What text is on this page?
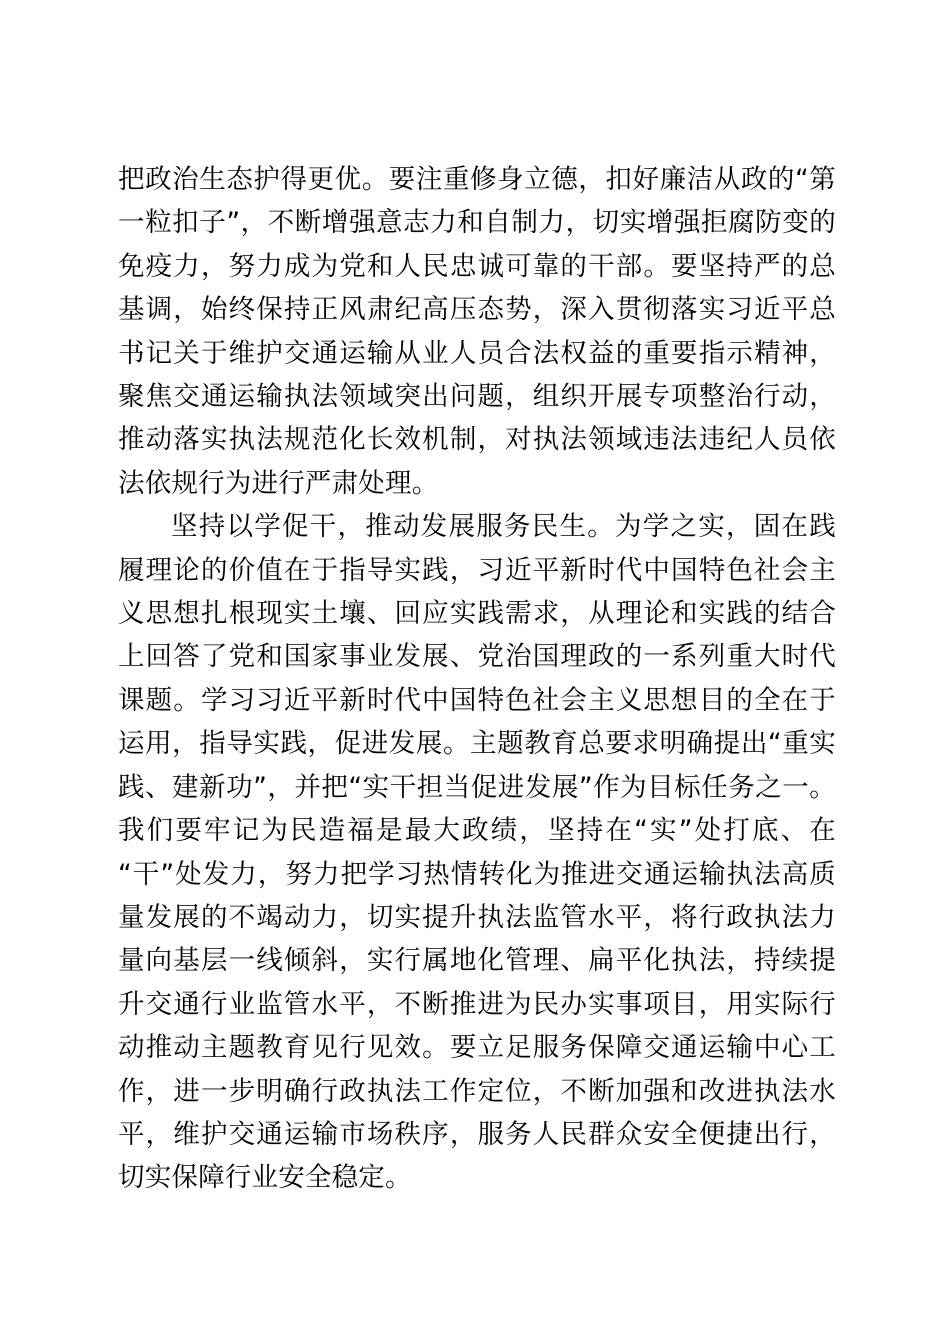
把政治生态护得更优。要注重修身立德，扣好廉洁从政的“第一粒扣子”，不断增强意志力和自制力，切实增强拒腐防变的免疫力，努力成为党和人民忠诚可靠的干部。要坚持严的总基调，始终保持正风肃纪高压态势，深入贯彻落实习近平总书记关于维护交通运输从业人员合法权益的重要指示精神，聚焦交通运输执法领域突出问题，组织开展专项整治行动，推动落实执法规范化长效机制，对执法领域违法违纪人员依法依规行为进行严肃处理。

坚持以学促干，推动发展服务民生。为学之实，固在践履理论的价值在于指导实践，习近平新时代中国特色社会主义思想扎根现实土壤、回应实践需求，从理论和实践的结合上回答了党和国家事业发展、党治国理政的一系列重大时代课题。学习习近平新时代中国特色社会主义思想目的全在于运用，指导实践，促进发展。主题教育总要求明确提出“重实践、建新功”，并把“实干担当促进发展”作为目标任务之一。我们要牢记为民造福是最大政绩，坚持在“实”处打底、在“干”处发力，努力把学习热情转化为推进交通运输执法高质量发展的不竭动力，切实提升执法监管水平，将行政执法力量向基层一线倾斜，实行属地化管理、扁平化执法，持续提升交通行业监管水平，不断推进为民办实事项目，用实际行动推动主题教育见行见效。要立足服务保障交通运输中心工作，进一步明确行政执法工作定位，不断加强和改进执法水平，维护交通运输市场秩序，服务人民群众安全便捷出行，切实保障行业安全稳定。
